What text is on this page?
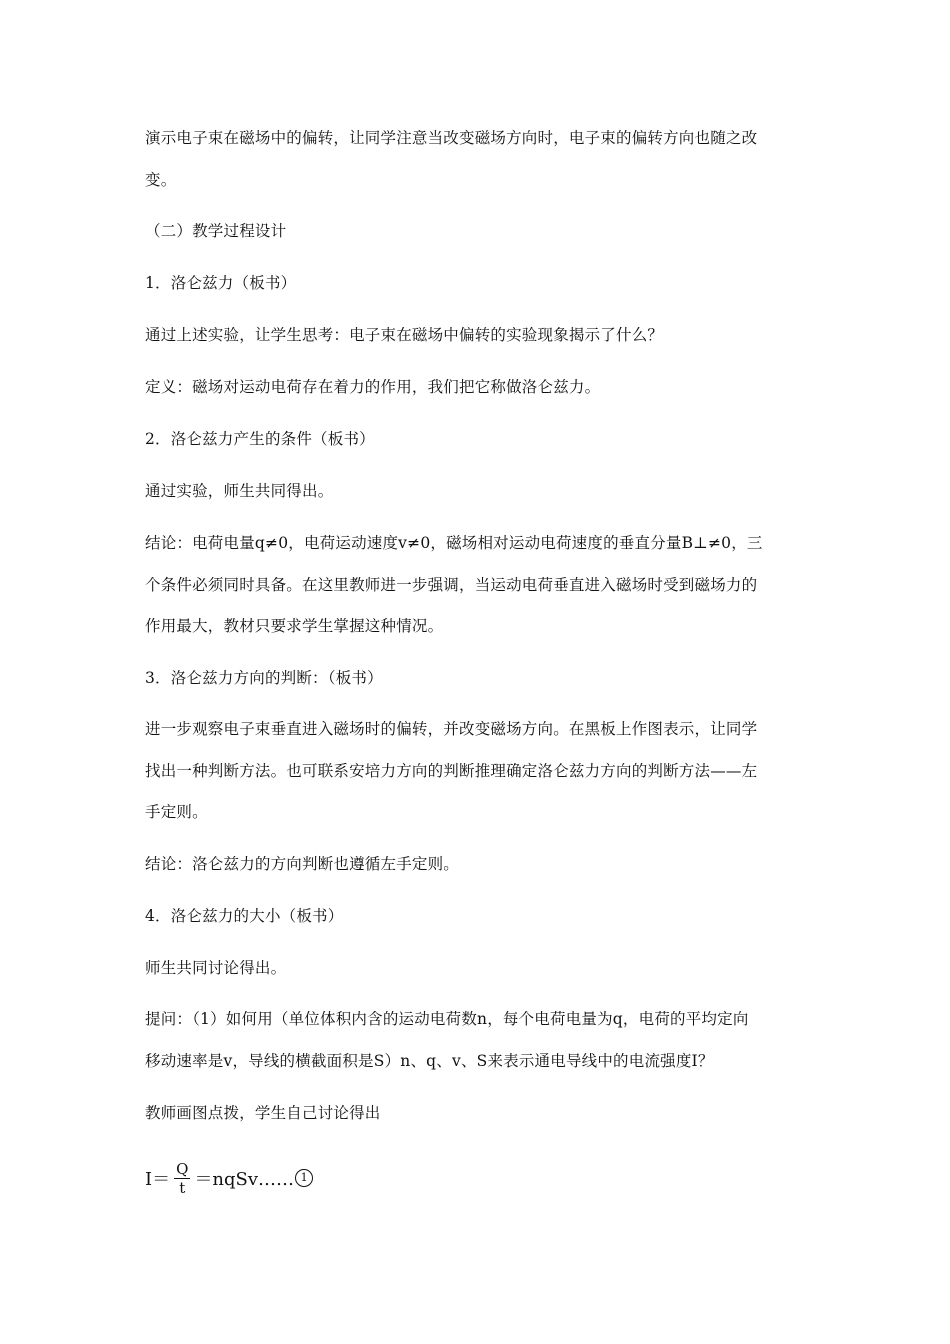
演示电子束在磁场中的偏转，让同学注意当改变磁场方向时，电子束的偏转方向也随之改
变。
（二）教学过程设计
1．洛仑兹力（板书）
通过上述实验，让学生思考：电子束在磁场中偏转的实验现象揭示了什么？
定义：磁场对运动电荷存在着力的作用，我们把它称做洛仑兹力。
2．洛仑兹力产生的条件（板书）
通过实验，师生共同得出。
结论：电荷电量q≠0，电荷运动速度v≠0，磁场相对运动电荷速度的垂直分量B⊥≠0，三
个条件必须同时具备。在这里教师进一步强调，当运动电荷垂直进入磁场时受到磁场力的
作用最大，教材只要求学生掌握这种情况。
3．洛仑兹力方向的判断：（板书）
进一步观察电子束垂直进入磁场时的偏转，并改变磁场方向。在黑板上作图表示，让同学
找出一种判断方法。也可联系安培力方向的判断推理确定洛仑兹力方向的判断方法——左
手定则。
结论：洛仑兹力的方向判断也遵循左手定则。
4．洛仑兹力的大小（板书）
师生共同讨论得出。
提问：（1）如何用（单位体积内含的运动电荷数n，每个电荷电量为q，电荷的平均定向
移动速率是v，导线的横截面积是S）n、q、v、S来表示通电导线中的电流强度I？
教师画图点拨，学生自己讨论得出
$I= \frac{Q}{t}$ ＝nqSv…… 1
